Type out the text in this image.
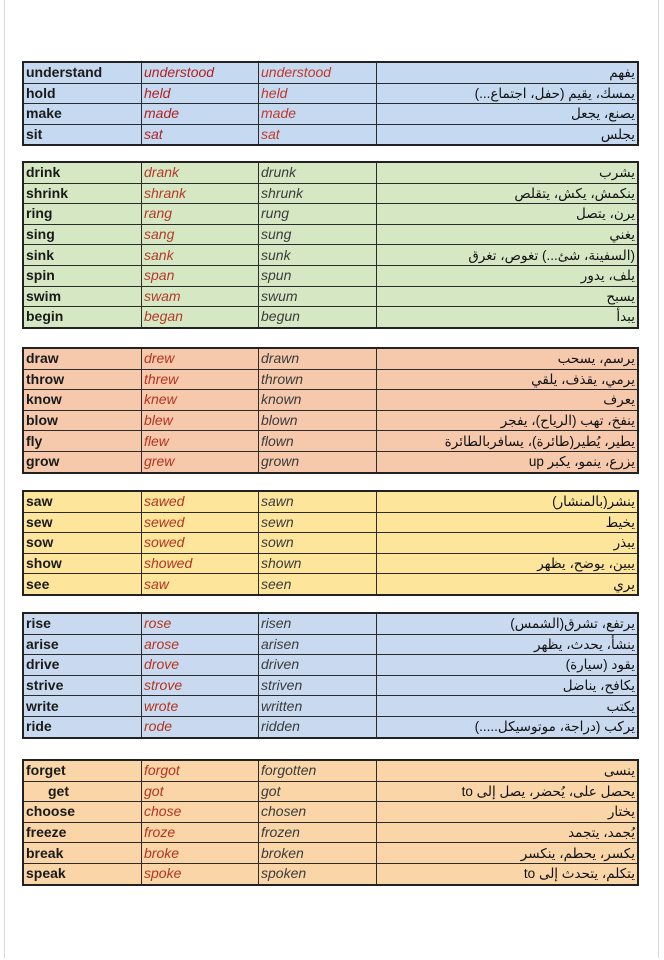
understand	understood	understood	يفهم
hold	held	held	يمسك، يقيم (حفل، اجتماع...)
make	made	made	يصنع، يجعل
sit	sat	sat	يجلس
drink	drank	drunk	يشرب
shrink	shrank	shrunk	ينكمش، يكش، يتقلص
ring	rang	rung	يرن، يتصل
sing	sang	sung	يغني
sink	sank	sunk	(السفينة، شئ...) تغوص، تغرق
spin	span	spun	يلف، يدور
swim	swam	swum	يسبح
begin	began	begun	يبدأ
draw	drew	drawn	يرسم، يسحب
throw	threw	thrown	يرمي، يقذف، يلقي
know	knew	known	يعرف
blow	blew	blown	ينفخ، تهب (الرياح)، يفجر
fly	flew	flown	يطير، يُطير(طائرة)، يسافربالطائرة
grow	grew	grown	يزرع، ينمو، يكبر up
saw	sawed	sawn	ينشر(بالمنشار)
sew	sewed	sewn	يخيط
sow	sowed	sown	يبذر
show	showed	shown	يبين، يوضح، يظهر
see	saw	seen	يري
rise	rose	risen	يرتفع، تشرق(الشمس)
arise	arose	arisen	ينشأ، يحدث، يظهر
drive	drove	driven	يقود (سيارة)
strive	strove	striven	يكافح، يناضل
write	wrote	written	يكتب
ride	rode	ridden	يركب (دراجة، موتوسيكل.....)
forget	forgot	forgotten	ينسى
get	got	got	يحصل على، يُحضر، يصل إلى to
choose	chose	chosen	يختار
freeze	froze	frozen	يُجمد، يتجمد
break	broke	broken	يكسر، يحطم، ينكسر
speak	spoke	spoken	يتكلم، يتحدث إلى to
